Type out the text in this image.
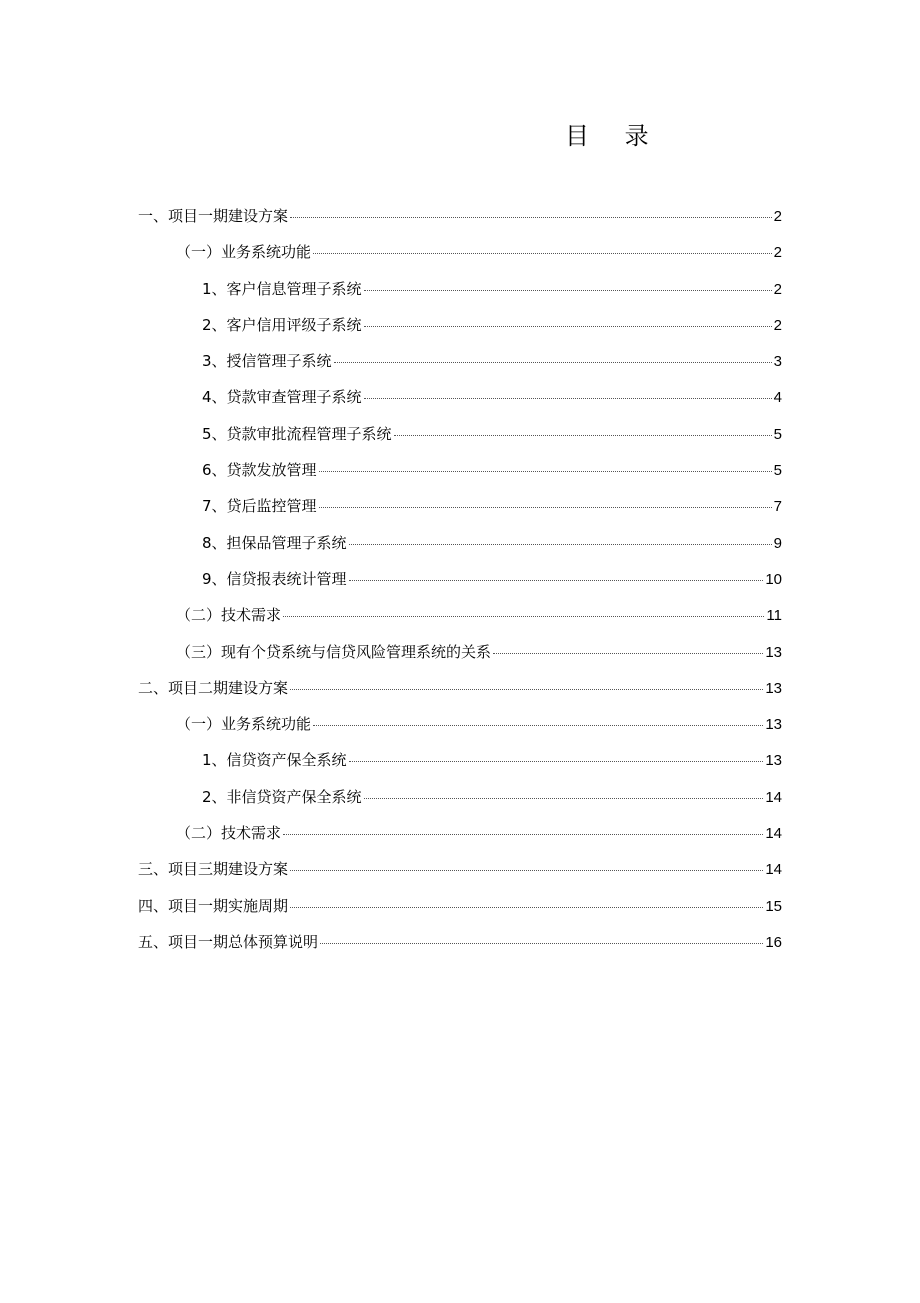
目 录
一、项目一期建设方案	2
（一）业务系统功能	2
1、客户信息管理子系统	2
2、客户信用评级子系统	2
3、授信管理子系统	3
4、贷款审查管理子系统	4
5、贷款审批流程管理子系统	5
6、贷款发放管理	5
7、贷后监控管理	7
8、担保品管理子系统	9
9、信贷报表统计管理	10
（二）技术需求	11
（三）现有个贷系统与信贷风险管理系统的关系	13
二、项目二期建设方案	13
（一）业务系统功能	13
1、信贷资产保全系统	13
2、非信贷资产保全系统	14
（二）技术需求	14
三、项目三期建设方案	14
四、项目一期实施周期	15
五、项目一期总体预算说明	16
